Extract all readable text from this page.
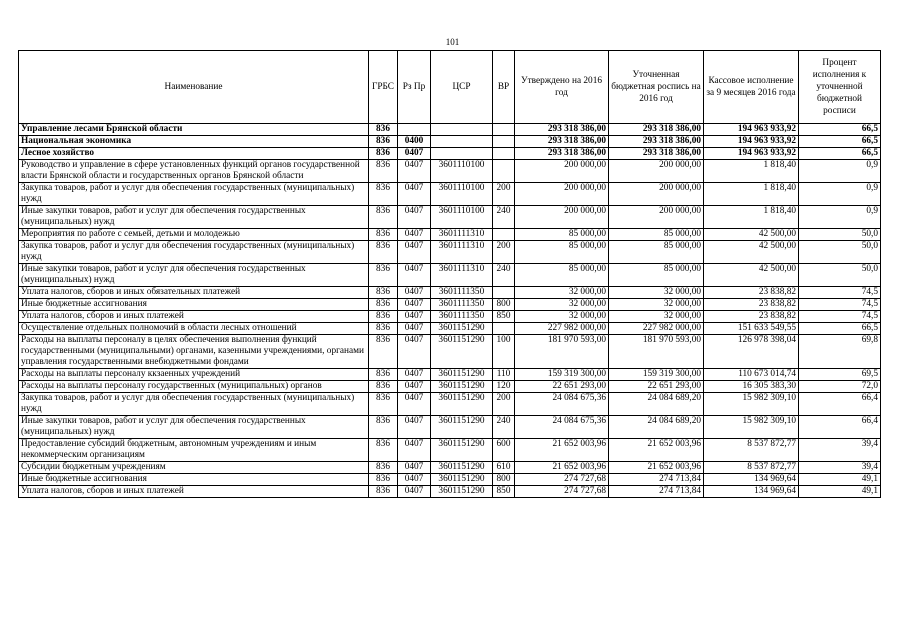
101
Наименование	ГРБС	Рз Пр	ЦСР	ВР	Утверждено на 2016 год	Уточненная бюджетная роспись на 2016 год	Кассовое исполнение за 9 месяцев 2016 года	Процент исполнения к уточненной бюджетной росписи
Управление лесами Брянской области	836				293 318 386,00	293 318 386,00	194 963 933,92	66,5
Национальная экономика	836	0400			293 318 386,00	293 318 386,00	194 963 933,92	66,5
Лесное хозяйство	836	0407			293 318 386,00	293 318 386,00	194 963 933,92	66,5
Руководство и управление в сфере установленных функций органов государственной власти Брянской области и государственных органов Брянской области	836	0407	3601110100		200 000,00	200 000,00	1 818,40	0,9
Закупка товаров, работ и услуг для обеспечения государственных (муниципальных) нужд	836	0407	3601110100	200	200 000,00	200 000,00	1 818,40	0,9
Иные закупки товаров, работ и услуг для обеспечения государственных (муниципальных) нужд	836	0407	3601110100	240	200 000,00	200 000,00	1 818,40	0,9
Мероприятия по работе с семьей, детьми и молодежью	836	0407	3601111310		85 000,00	85 000,00	42 500,00	50,0
Закупка товаров, работ и услуг для обеспечения государственных (муниципальных) нужд	836	0407	3601111310	200	85 000,00	85 000,00	42 500,00	50,0
Иные закупки товаров, работ и услуг для обеспечения государственных (муниципальных) нужд	836	0407	3601111310	240	85 000,00	85 000,00	42 500,00	50,0
Уплата налогов, сборов и иных обязательных платежей	836	0407	3601111350		32 000,00	32 000,00	23 838,82	74,5
Иные бюджетные ассигнования	836	0407	3601111350	800	32 000,00	32 000,00	23 838,82	74,5
Уплата налогов, сборов и иных платежей	836	0407	3601111350	850	32 000,00	32 000,00	23 838,82	74,5
Осуществление отдельных полномочий в области лесных отношений	836	0407	3601151290		227 982 000,00	227 982 000,00	151 633 549,55	66,5
Расходы на выплаты персоналу в целях обеспечения выполнения функций государственными (муниципальными) органами, казенными учреждениями, органами управления государственными внебюджетными фондами	836	0407	3601151290	100	181 970 593,00	181 970 593,00	126 978 398,04	69,8
Расходы на выплаты персоналу ккзаенных учреждений	836	0407	3601151290	110	159 319 300,00	159 319 300,00	110 673 014,74	69,5
Расходы на выплаты персоналу государственных (муниципальных) органов	836	0407	3601151290	120	22 651 293,00	22 651 293,00	16 305 383,30	72,0
Закупка товаров, работ и услуг для обеспечения государственных (муниципальных) нужд	836	0407	3601151290	200	24 084 675,36	24 084 689,20	15 982 309,10	66,4
Иные закупки товаров, работ и услуг для обеспечения государственных (муниципальных) нужд	836	0407	3601151290	240	24 084 675,36	24 084 689,20	15 982 309,10	66,4
Предоставление субсидий бюджетным, автономным учреждениям и иным некоммерческим организациям	836	0407	3601151290	600	21 652 003,96	21 652 003,96	8 537 872,77	39,4
Субсидии бюджетным учреждениям	836	0407	3601151290	610	21 652 003,96	21 652 003,96	8 537 872,77	39,4
Иные бюджетные ассигнования	836	0407	3601151290	800	274 727,68	274 713,84	134 969,64	49,1
Уплата налогов, сборов и иных платежей	836	0407	3601151290	850	274 727,68	274 713,84	134 969,64	49,1
